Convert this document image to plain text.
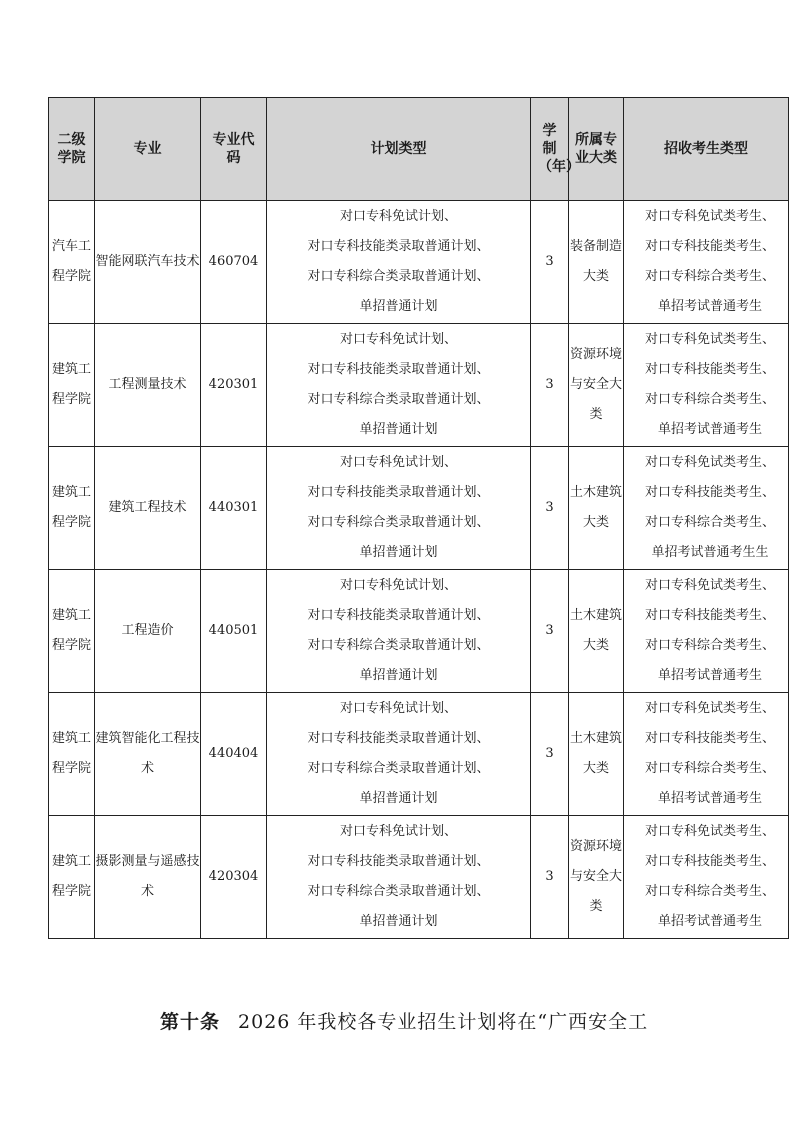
二级学院	专业	专业代码	计划类型	学制（年）	所属专业大类	招收考生类型
汽车工程学院	智能网联汽车技术	460704	对口专科免试计划、
对口专科技能类录取普通计划、
对口专科综合类录取普通计划、
单招普通计划	3	装备制造大类	对口专科免试类考生、
对口专科技能类考生、
对口专科综合类考生、
单招考试普通考生

建筑工程学院	工程测量技术	420301	对口专科免试计划、
对口专科技能类录取普通计划、
对口专科综合类录取普通计划、
单招普通计划	3	资源环境与安全大类	对口专科免试类考生、
对口专科技能类考生、
对口专科综合类考生、
单招考试普通考生

建筑工程学院	建筑工程技术	440301	对口专科免试计划、
对口专科技能类录取普通计划、
对口专科综合类录取普通计划、
单招普通计划	3	土木建筑大类	对口专科免试类考生、
对口专科技能类考生、
对口专科综合类考生、
单招考试普通考生生

建筑工程学院	工程造价	440501	对口专科免试计划、
对口专科技能类录取普通计划、
对口专科综合类录取普通计划、
单招普通计划	3	土木建筑大类	对口专科免试类考生、
对口专科技能类考生、
对口专科综合类考生、
单招考试普通考生

建筑工程学院	建筑智能化工程技术	440404	对口专科免试计划、
对口专科技能类录取普通计划、
对口专科综合类录取普通计划、
单招普通计划	3	土木建筑大类	对口专科免试类考生、
对口专科技能类考生、
对口专科综合类考生、
单招考试普通考生

建筑工程学院	摄影测量与遥感技术	420304	对口专科免试计划、
对口专科技能类录取普通计划、
对口专科综合类录取普通计划、
单招普通计划	3	资源环境与安全大类	对口专科免试类考生、
对口专科技能类考生、
对口专科综合类考生、
单招考试普通考生
第十条 2026 年我校各专业招生计划将在“广西安全工
